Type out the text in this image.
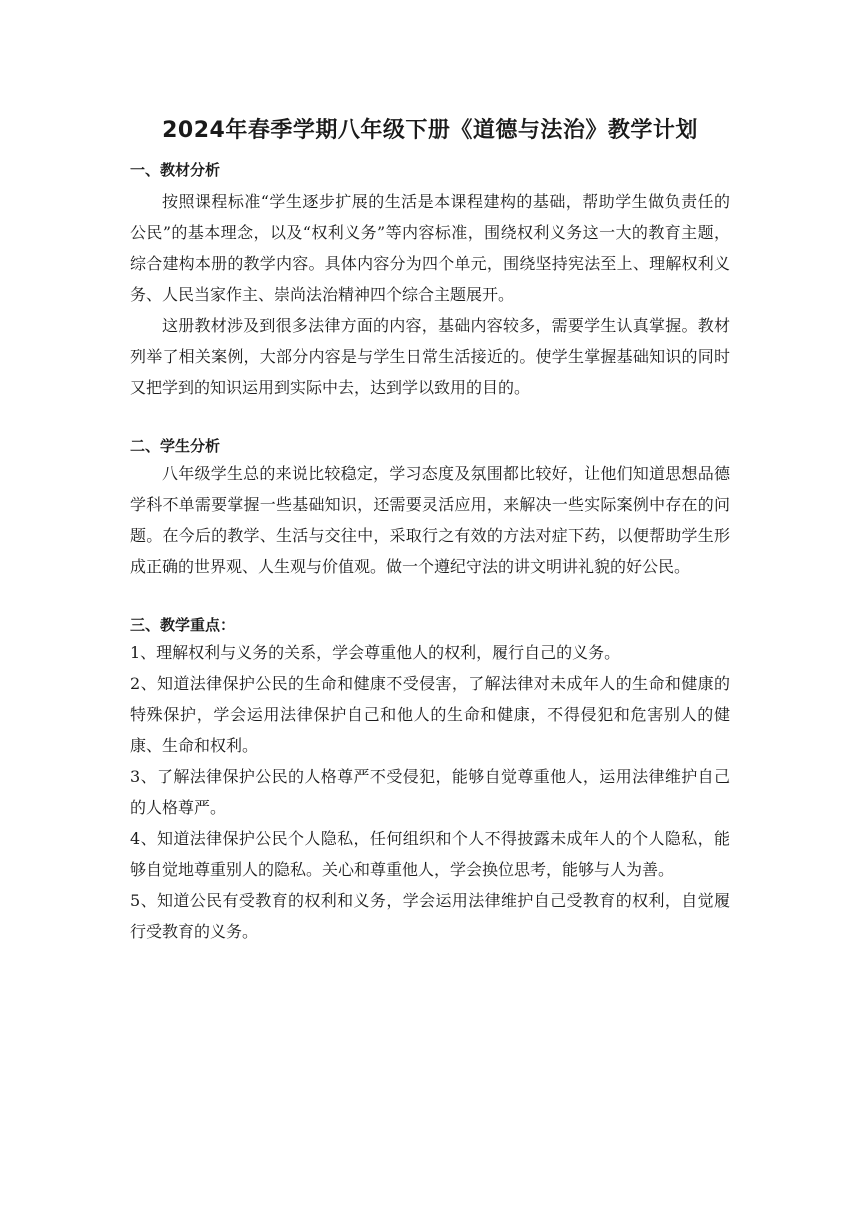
2024年春季学期八年级下册《道德与法治》教学计划
一、教材分析

按照课程标准“学生逐步扩展的生活是本课程建构的基础，帮助学生做负责任的公民”的基本理念，以及“权利义务”等内容标准，围绕权利义务这一大的教育主题，综合建构本册的教学内容。具体内容分为四个单元，围绕坚持宪法至上、理解权利义务、人民当家作主、崇尚法治精神四个综合主题展开。

这册教材涉及到很多法律方面的内容，基础内容较多，需要学生认真掌握。教材列举了相关案例，大部分内容是与学生日常生活接近的。使学生掌握基础知识的同时又把学到的知识运用到实际中去，达到学以致用的目的。

二、学生分析

八年级学生总的来说比较稳定，学习态度及氛围都比较好，让他们知道思想品德学科不单需要掌握一些基础知识，还需要灵活应用，来解决一些实际案例中存在的问题。在今后的教学、生活与交往中，采取行之有效的方法对症下药，以便帮助学生形成正确的世界观、人生观与价值观。做一个遵纪守法的讲文明讲礼貌的好公民。

三、教学重点：

1、理解权利与义务的关系，学会尊重他人的权利，履行自己的义务。

2、知道法律保护公民的生命和健康不受侵害，了解法律对未成年人的生命和健康的特殊保护，学会运用法律保护自己和他人的生命和健康，不得侵犯和危害别人的健康、生命和权利。

3、了解法律保护公民的人格尊严不受侵犯，能够自觉尊重他人，运用法律维护自己的人格尊严。

4、知道法律保护公民个人隐私，任何组织和个人不得披露未成年人的个人隐私，能够自觉地尊重别人的隐私。关心和尊重他人，学会换位思考，能够与人为善。

5、知道公民有受教育的权利和义务，学会运用法律维护自己受教育的权利，自觉履行受教育的义务。
